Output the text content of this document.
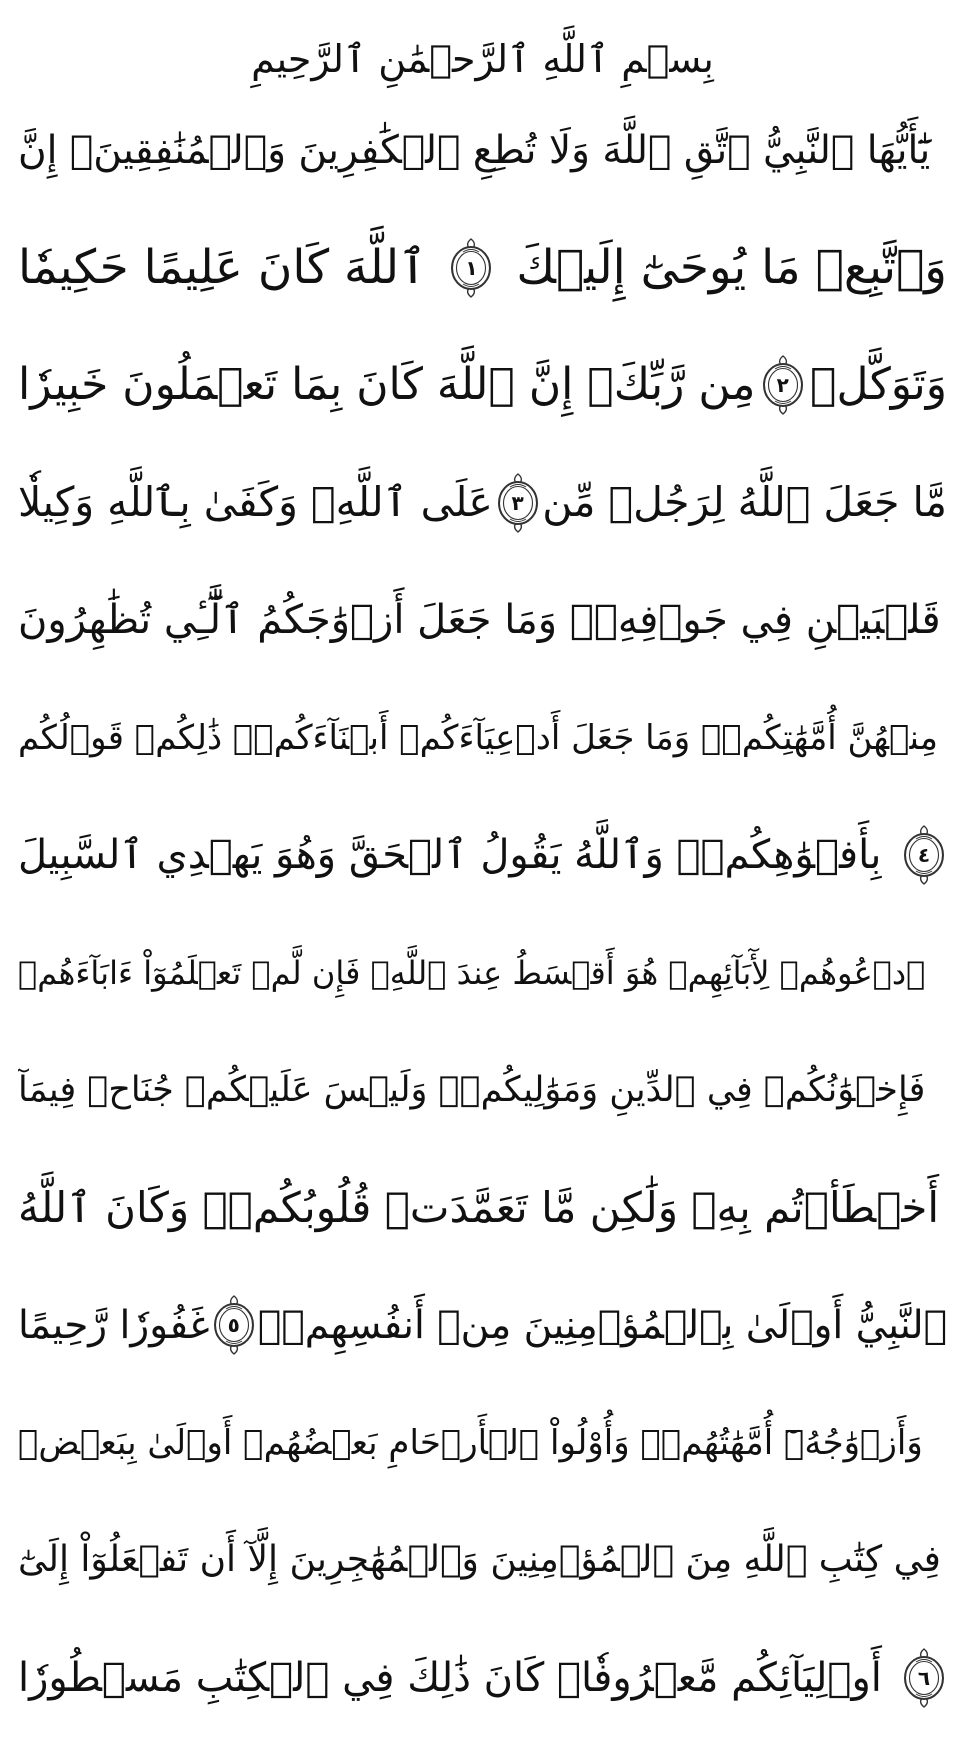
بِسۡمِ ٱللَّهِ ٱلرَّحۡمَٰنِ ٱلرَّحِيمِ
يَٰٓأَيُّهَا ٱلنَّبِيُّ ٱتَّقِ ٱللَّهَ وَلَا تُطِعِ ٱلۡكَٰفِرِينَ وَٱلۡمُنَٰفِقِينَۚ إِنَّ
ٱللَّهَ كَانَ عَلِيمًا حَكِيمٗا ١ وَٱتَّبِعۡ مَا يُوحَىٰٓ إِلَيۡكَ
مِن رَّبِّكَۚ إِنَّ ٱللَّهَ كَانَ بِمَا تَعۡمَلُونَ خَبِيرٗا ٢ وَتَوَكَّلۡ
عَلَى ٱللَّهِۚ وَكَفَىٰ بِٱللَّهِ وَكِيلٗا ٣ مَّا جَعَلَ ٱللَّهُ لِرَجُلٖ مِّن
قَلۡبَيۡنِ فِي جَوۡفِهِۦۚ وَمَا جَعَلَ أَزۡوَٰجَكُمُ ٱلَّٰٓـِٔي تُظَٰهِرُونَ
مِنۡهُنَّ أُمَّهَٰتِكُمۡۚ وَمَا جَعَلَ أَدۡعِيَآءَكُمۡ أَبۡنَآءَكُمۡۚ ذَٰلِكُمۡ قَوۡلُكُم
بِأَفۡوَٰهِكُمۡۖ وَٱللَّهُ يَقُولُ ٱلۡحَقَّ وَهُوَ يَهۡدِي ٱلسَّبِيلَ ٤
ٱدۡعُوهُمۡ لِأٓبَآئِهِمۡ هُوَ أَقۡسَطُ عِندَ ٱللَّهِۚ فَإِن لَّمۡ تَعۡلَمُوٓاْ ءَابَآءَهُمۡ
فَإِخۡوَٰنُكُمۡ فِي ٱلدِّينِ وَمَوَٰلِيكُمۡۚ وَلَيۡسَ عَلَيۡكُمۡ جُنَاحٞ فِيمَآ
أَخۡطَأۡتُم بِهِۦ وَلَٰكِن مَّا تَعَمَّدَتۡ قُلُوبُكُمۡۚ وَكَانَ ٱللَّهُ
غَفُورٗا رَّحِيمًا ٥ ٱلنَّبِيُّ أَوۡلَىٰ بِٱلۡمُؤۡمِنِينَ مِنۡ أَنفُسِهِمۡۖ
وَأَزۡوَٰجُهُۥٓ أُمَّهَٰتُهُمۡۗ وَأُوْلُواْ ٱلۡأَرۡحَامِ بَعۡضُهُمۡ أَوۡلَىٰ بِبَعۡضٖ
فِي كِتَٰبِ ٱللَّهِ مِنَ ٱلۡمُؤۡمِنِينَ وَٱلۡمُهَٰجِرِينَ إِلَّآ أَن تَفۡعَلُوٓاْ إِلَىٰٓ
أَوۡلِيَآئِكُم مَّعۡرُوفٗاۚ كَانَ ذَٰلِكَ فِي ٱلۡكِتَٰبِ مَسۡطُورٗا ٦
